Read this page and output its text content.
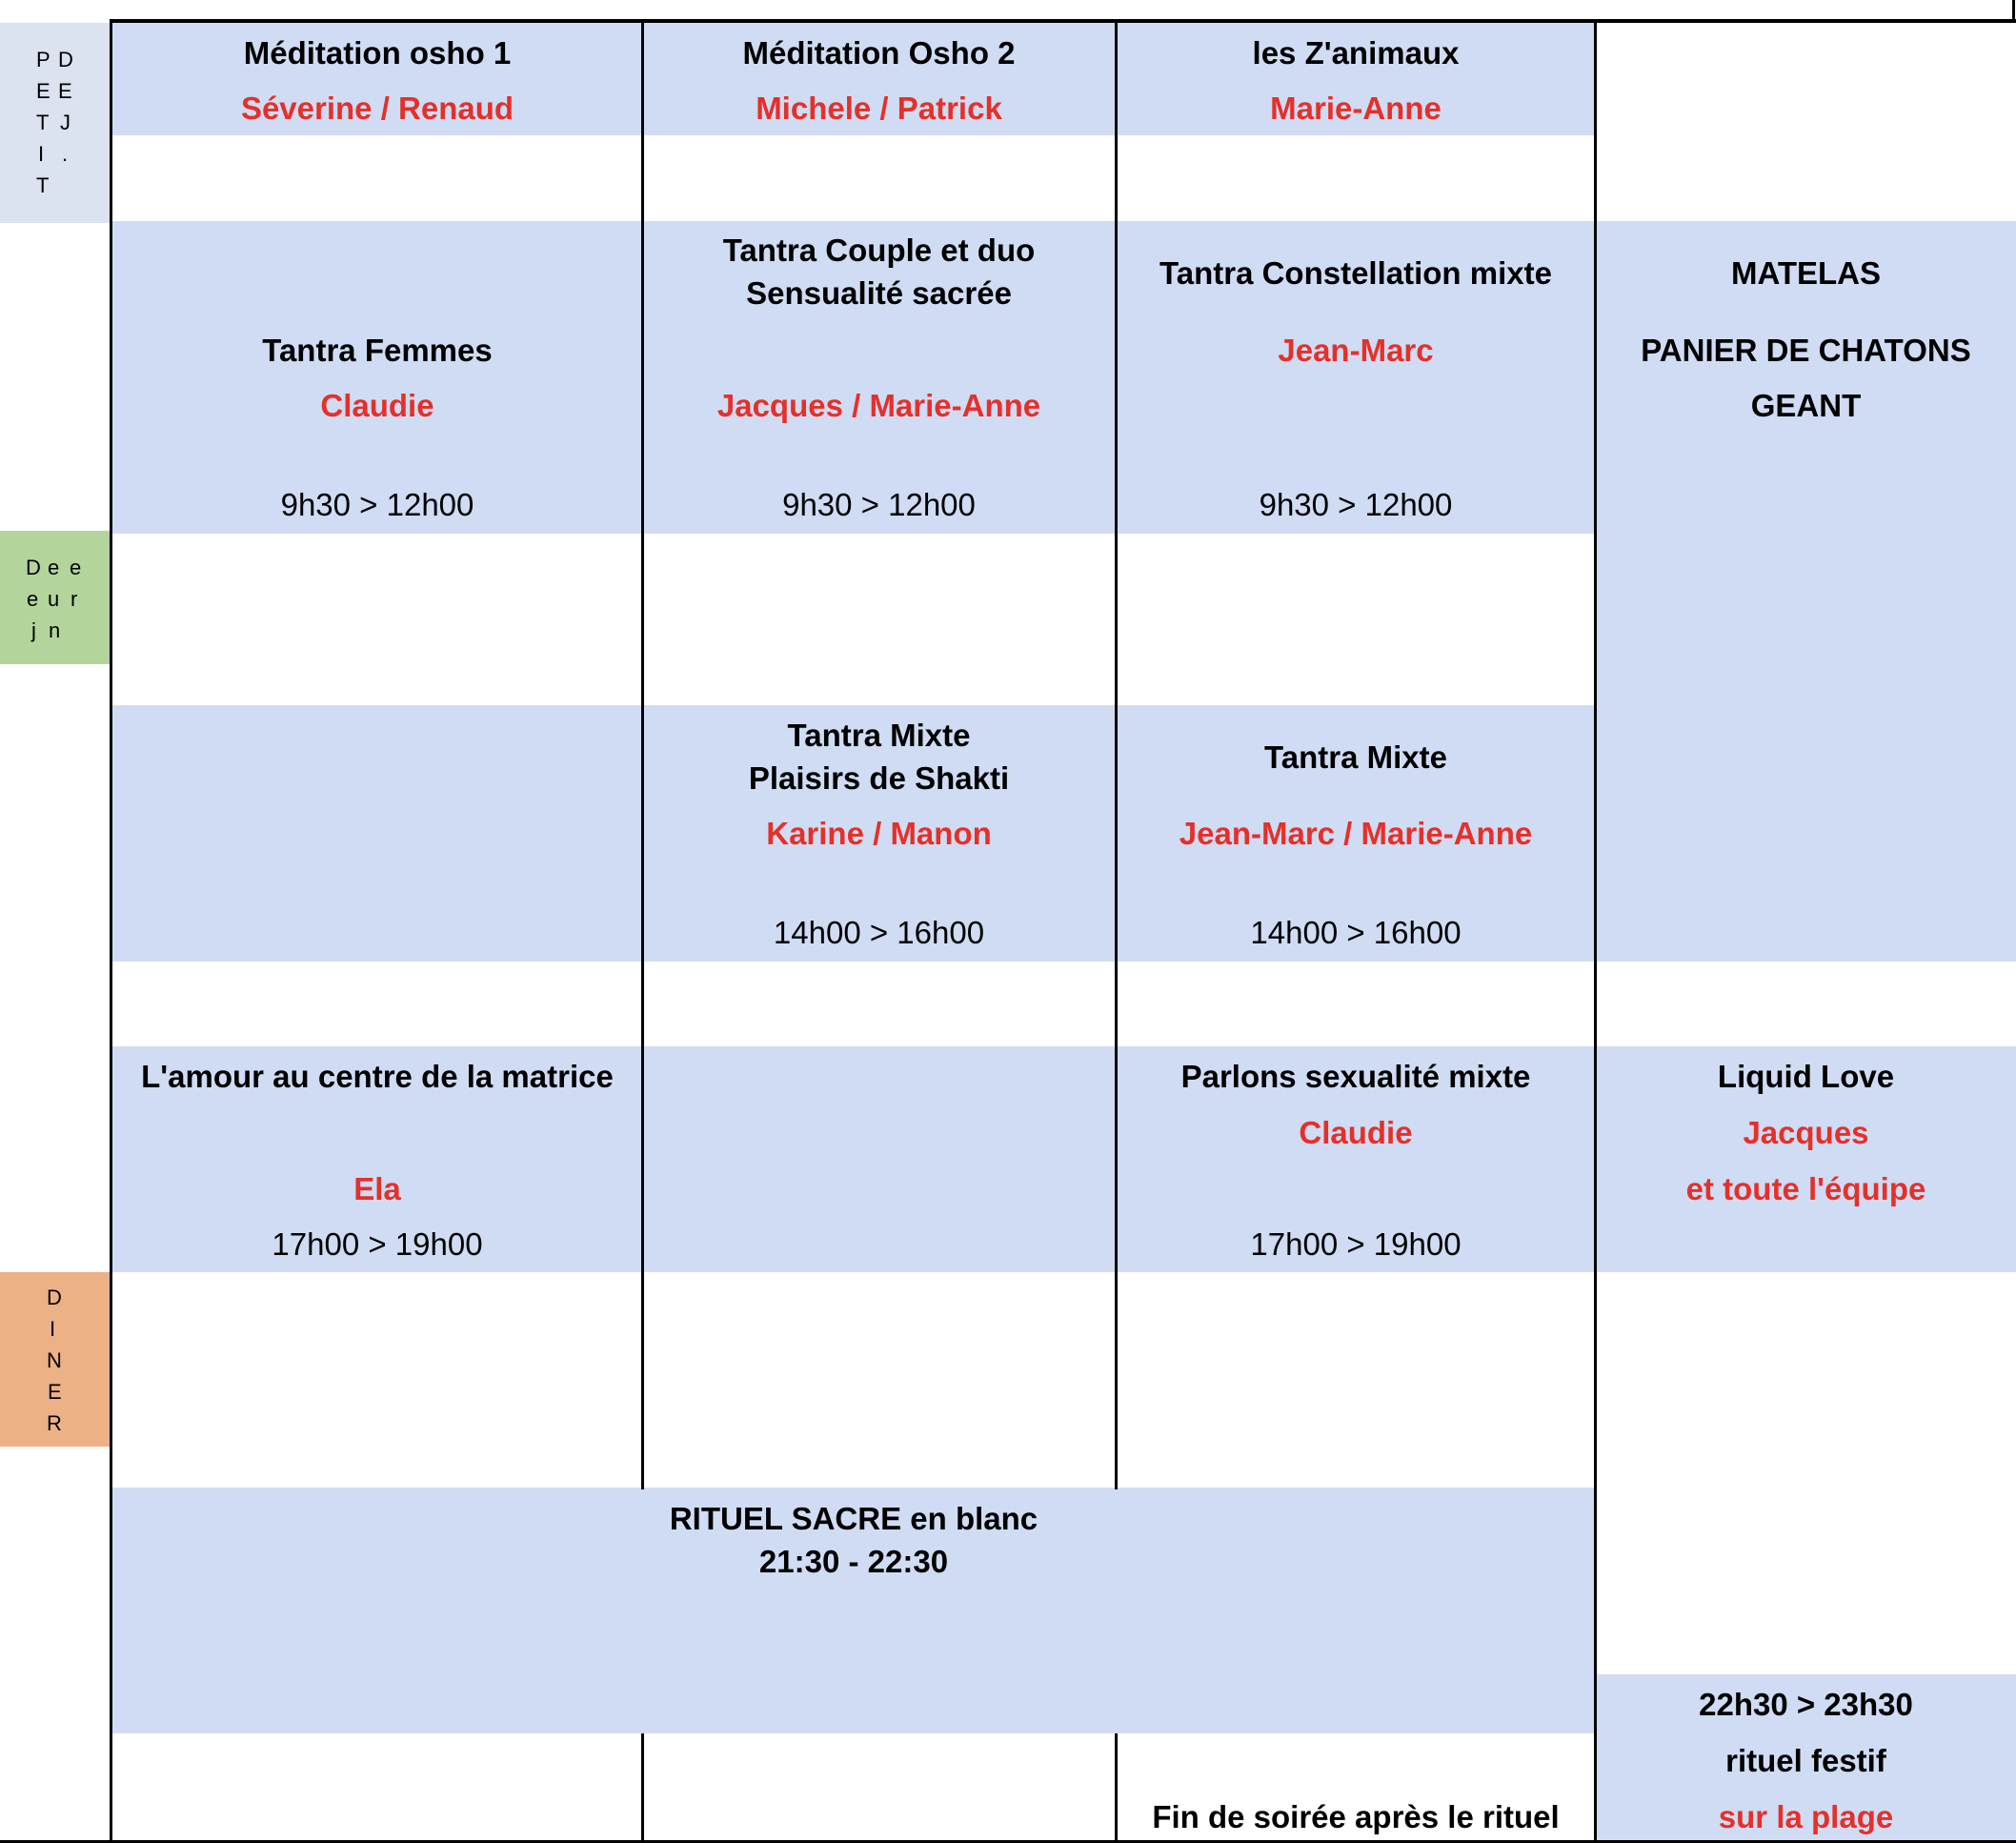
P
E
T
I
T
D
E
J
.
D e e
e u r
j n
D
I
N
E
R
Méditation osho 1
Séverine / Renaud
Méditation Osho 2
Michele / Patrick
les Z'animaux
Marie-Anne
Tantra Femmes
Claudie
9h30 > 12h00
Tantra Couple et duo
Sensualité sacrée
Jacques / Marie-Anne
9h30 > 12h00
Tantra Constellation mixte
Jean-Marc
9h30 > 12h00
MATELAS
PANIER DE CHATONS
GEANT
Tantra Mixte
Plaisirs de Shakti
Karine / Manon
14h00 > 16h00
Tantra Mixte
Jean-Marc / Marie-Anne
14h00 > 16h00
L'amour au centre de la matrice
Ela
17h00 > 19h00
Parlons sexualité mixte
Claudie
17h00 > 19h00
Liquid Love
Jacques
et toute l'équipe
RITUEL SACRE en blanc
21:30 - 22:30
22h30 > 23h30
rituel festif
sur la plage
Fin de soirée après le rituel
